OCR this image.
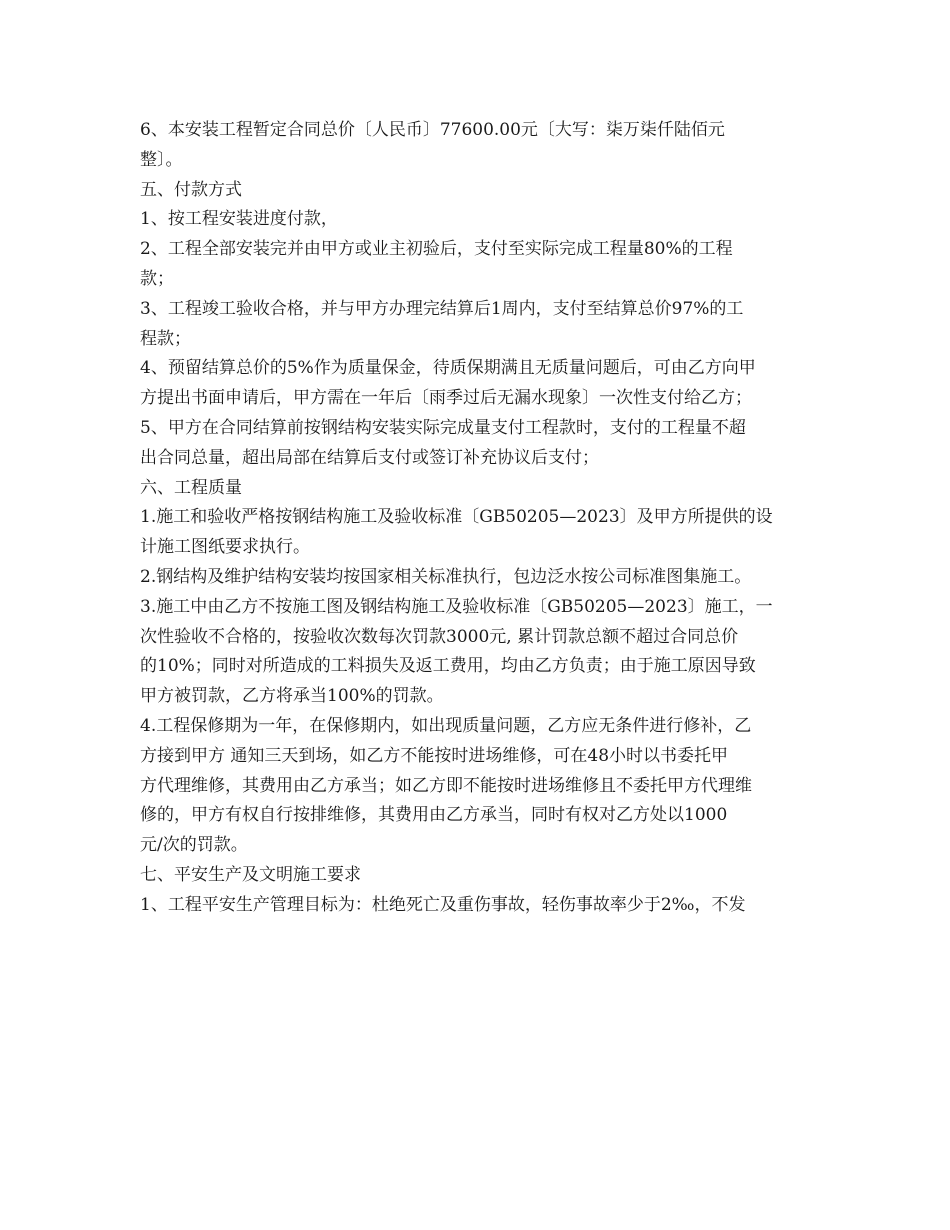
6、本安装工程暂定合同总价〔人民币〕77600.00元〔大写：柒万柒仟陆佰元
整〕。
五、付款方式
1、按工程安装进度付款，
2、工程全部安装完并由甲方或业主初验后，支付至实际完成工程量80%的工程
款；
3、工程竣工验收合格，并与甲方办理完结算后1周内，支付至结算总价97%的工
程款；
4、预留结算总价的5%作为质量保金，待质保期满且无质量问题后，可由乙方向甲
方提出书面申请后，甲方需在一年后〔雨季过后无漏水现象〕一次性支付给乙方；
5、甲方在合同结算前按钢结构安装实际完成量支付工程款时，支付的工程量不超
出合同总量，超出局部在结算后支付或签订补充协议后支付；
六、工程质量
1.施工和验收严格按钢结构施工及验收标准〔GB50205—2023〕及甲方所提供的设
计施工图纸要求执行。
2.钢结构及维护结构安装均按国家相关标准执行，包边泛水按公司标准图集施工。
3.施工中由乙方不按施工图及钢结构施工及验收标准〔GB50205—2023〕施工，一
次性验收不合格的，按验收次数每次罚款3000元, 累计罚款总额不超过合同总价
的10%；同时对所造成的工料损失及返工费用，均由乙方负责；由于施工原因导致
甲方被罚款，乙方将承当100%的罚款。
4.工程保修期为一年，在保修期内，如出现质量问题，乙方应无条件进行修补，乙
方接到甲方 通知三天到场，如乙方不能按时进场维修，可在48小时以书委托甲
方代理维修，其费用由乙方承当；如乙方即不能按时进场维修且不委托甲方代理维
修的，甲方有权自行按排维修，其费用由乙方承当，同时有权对乙方处以1000
元/次的罚款。
七、平安生产及文明施工要求
1、工程平安生产管理目标为：杜绝死亡及重伤事故，轻伤事故率少于2‰，不发
